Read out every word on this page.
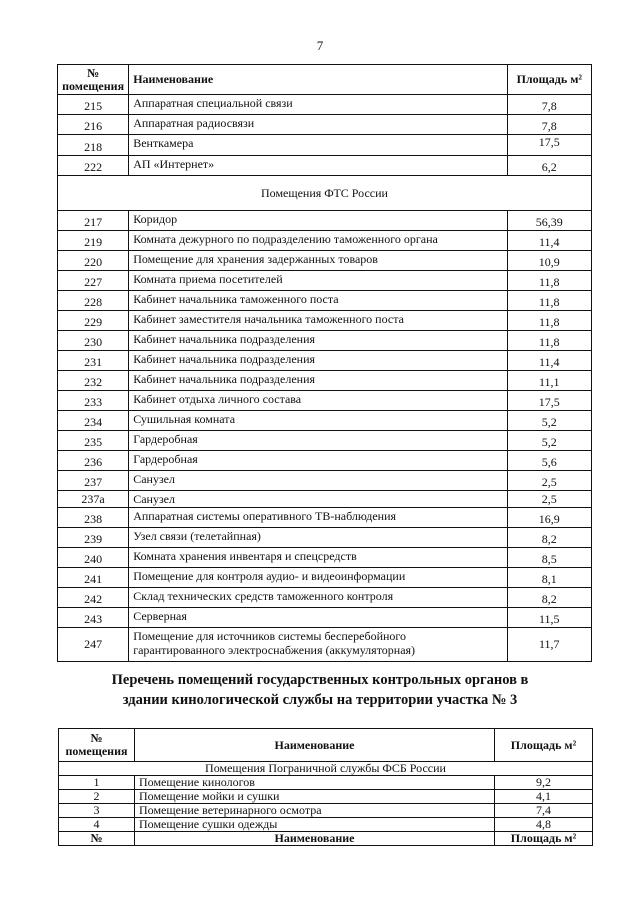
7
№ помещения	Наименование	Площадь м²
215	Аппаратная специальной связи	7,8
216	Аппаратная радиосвязи	7,8
218	Венткамера	17,5
222	АП «Интернет»	6,2
Помещения ФТС России		
217	Коридор	56,39
219	Комната дежурного по подразделению таможенного органа	11,4
220	Помещение для хранения задержанных товаров	10,9
227	Комната приема посетителей	11,8
228	Кабинет начальника таможенного поста	11,8
229	Кабинет заместителя начальника таможенного поста	11,8
230	Кабинет начальника подразделения	11,8
231	Кабинет начальника подразделения	11,4
232	Кабинет начальника подразделения	11,1
233	Кабинет отдыха личного состава	17,5
234	Сушильная комната	5,2
235	Гардеробная	5,2
236	Гардеробная	5,6
237	Санузел	2,5
237а	Санузел	2,5
238	Аппаратная системы оперативного ТВ-наблюдения	16,9
239	Узел связи (телетайпная)	8,2
240	Комната хранения инвентаря и спецсредств	8,5
241	Помещение для контроля аудио- и видеоинформации	8,1
242	Склад технических средств таможенного контроля	8,2
243	Серверная	11,5
247	Помещение для источников системы бесперебойного
гарантированного электроснабжения (аккумуляторная)	11,7
Перечень помещений государственных контрольных органов в
здании кинологической службы на территории участка № 3
№ помещения	Наименование	Площадь м²
Помещения Пограничной службы ФСБ России		
1	Помещение кинологов	9,2
2	Помещение мойки и сушки	4,1
3	Помещение ветеринарного осмотра	7,4
4	Помещение сушки одежды	4,8
№	Наименование	Площадь м²
